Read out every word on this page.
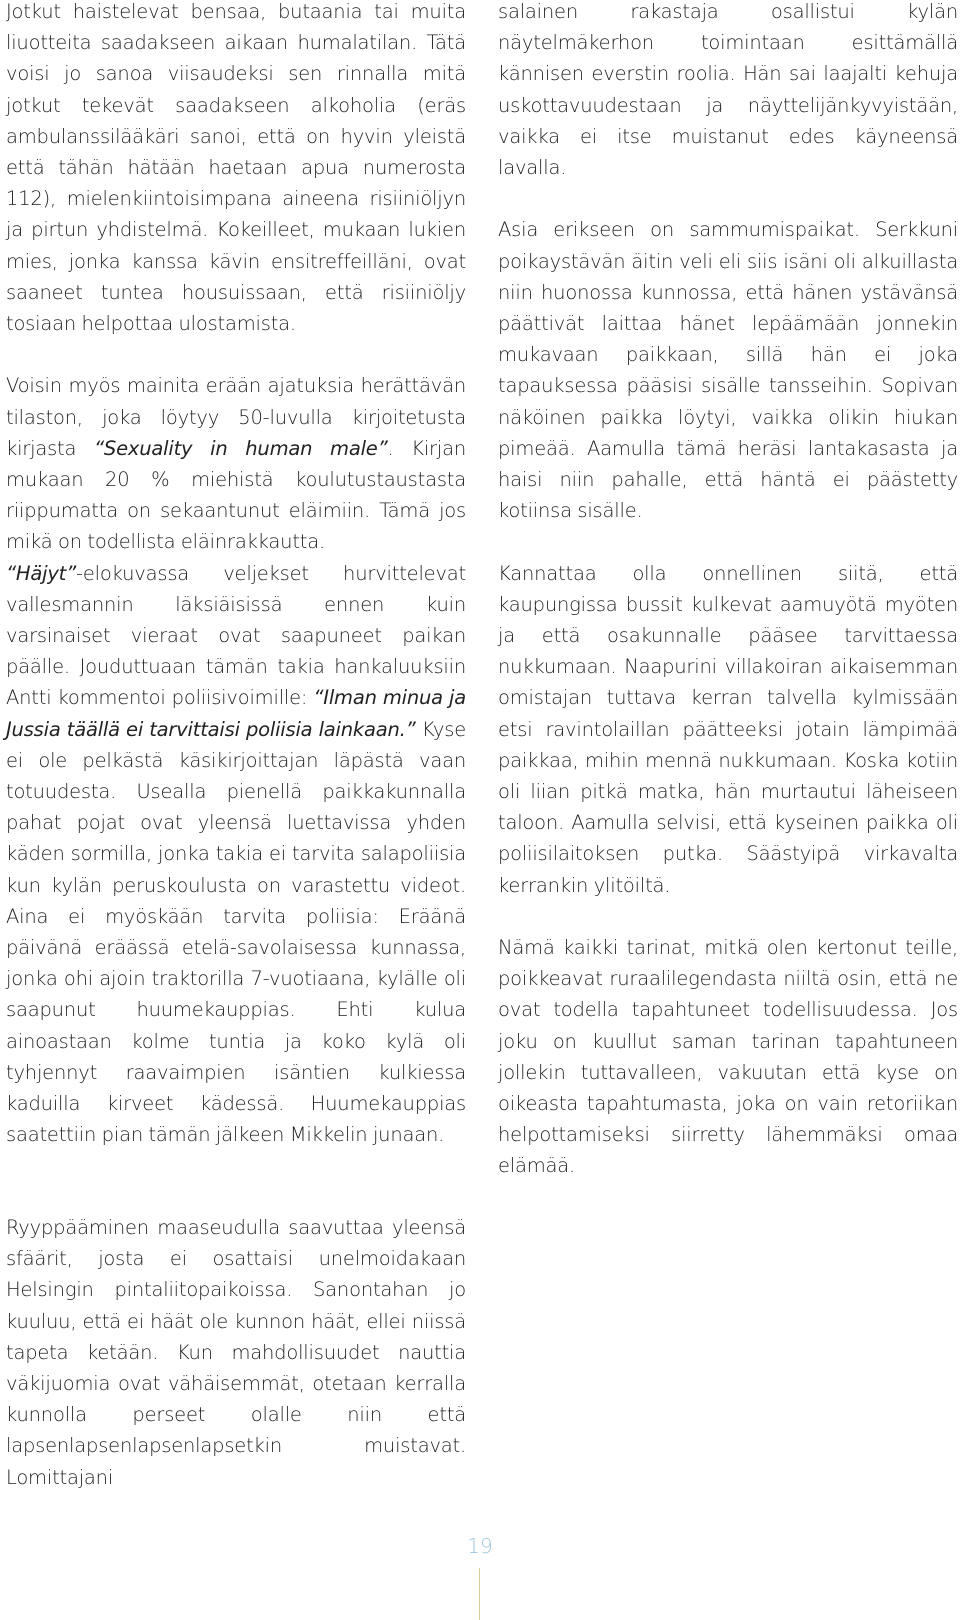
Jotkut haistelevat bensaa, butaania tai muita liuotteita saadakseen aikaan humalatilan. Tätä voisi jo sanoa viisaudeksi sen rinnalla mitä jotkut tekevät saadakseen alkoholia (eräs ambulanssilääkäri sanoi, että on hyvin yleistä että tähän hätään haetaan apua numerosta 112), mielenkiintoisimpana aineena risiiniöljyn ja pirtun yhdistelmä. Kokeilleet, mukaan lukien mies, jonka kanssa kävin ensitreffeilläni, ovat saaneet tuntea housuissaan, että risiiniöljy tosiaan helpottaa ulostamista.

Voisin myös mainita erään ajatuksia herättävän tilaston, joka löytyy 50-luvulla kirjoitetusta kirjasta “Sexuality in human male”. Kirjan mukaan 20 % miehistä koulutustaustasta riippumatta on sekaantunut eläimiin. Tämä jos mikä on todellista eläinrakkautta.

“Häjyt”-elokuvassa veljekset hurvittelevat vallesmannin läksiäisissä ennen kuin varsinaiset vieraat ovat saapuneet paikan päälle. Jouduttuaan tämän takia hankaluuksiin Antti kommentoi poliisivoimille: “Ilman minua ja Jussia täällä ei tarvittaisi poliisia lainkaan.” Kyse ei ole pelkästä käsikirjoittajan läpästä vaan totuudesta. Usealla pienellä paikkakunnalla pahat pojat ovat yleensä luettavissa yhden käden sormilla, jonka takia ei tarvita salapoliisia kun kylän peruskoulusta on varastettu videot. Aina ei myöskään tarvita poliisia: Eräänä päivänä eräässä etelä-savolaisessa kunnassa, jonka ohi ajoin traktorilla 7-vuotiaana, kylälle oli saapunut huumekauppias. Ehti kulua ainoastaan kolme tuntia ja koko kylä oli tyhjennyt raavaimpien isäntien kulkiessa kaduilla kirveet kädessä. Huumekauppias saatettiin pian tämän jälkeen Mikkelin junaan.

salainen rakastaja osallistui kylän näytelmäkerhon toimintaan esittämällä kännisen everstin roolia. Hän sai laajalti kehuja uskottavuudestaan ja näyttelijänkyvyistään, vaikka ei itse muistanut edes käyneensä lavalla.

Asia erikseen on sammumispaikat. Serkkuni poikaystävän äitin veli eli siis isäni oli alkuillasta niin huonossa kunnossa, että hänen ystävänsä päättivät laittaa hänet lepäämään jonnekin mukavaan paikkaan, sillä hän ei joka tapauksessa pääsisi sisälle tansseihin. Sopivan näköinen paikka löytyi, vaikka olikin hiukan pimeää. Aamulla tämä heräsi lantakasasta ja haisi niin pahalle, että häntä ei päästetty kotiinsa sisälle.

Kannattaa olla onnellinen siitä, että kaupungissa bussit kulkevat aamuyötä myöten ja että osakunnalle pääsee tarvittaessa nukkumaan. Naapurini villakoiran aikaisemman omistajan tuttava kerran talvella kylmissään etsi ravintolaillan päätteeksi jotain lämpimää paikkaa, mihin mennä nukkumaan. Koska kotiin oli liian pitkä matka, hän murtautui läheiseen taloon. Aamulla selvisi, että kyseinen paikka oli poliisilaitoksen putka. Säästyipä virkavalta kerrankin ylitöiltä.

Nämä kaikki tarinat, mitkä olen kertonut teille, poikkeavat ruraalilegendasta niiltä osin, että ne ovat todella tapahtuneet todellisuudessa. Jos joku on kuullut saman tarinan tapahtuneen jollekin tuttavalleen, vakuutan että kyse on oikeasta tapahtumasta, joka on vain retoriikan helpottamiseksi siirretty lähemmäksi omaa elämää.

Ryyppääminen maaseudulla saavuttaa yleensä sfäärit, josta ei osattaisi unelmoidakaan Helsingin pintaliitopaikoissa. Sanontahan jo kuuluu, että ei häät ole kunnon häät, ellei niissä tapeta ketään. Kun mahdollisuudet nauttia väkijuomia ovat vähäisemmät, otetaan kerralla kunnolla perseet olalle niin että lapsenlapsenlapsenlapsetkin muistavat. Lomittajani

19
